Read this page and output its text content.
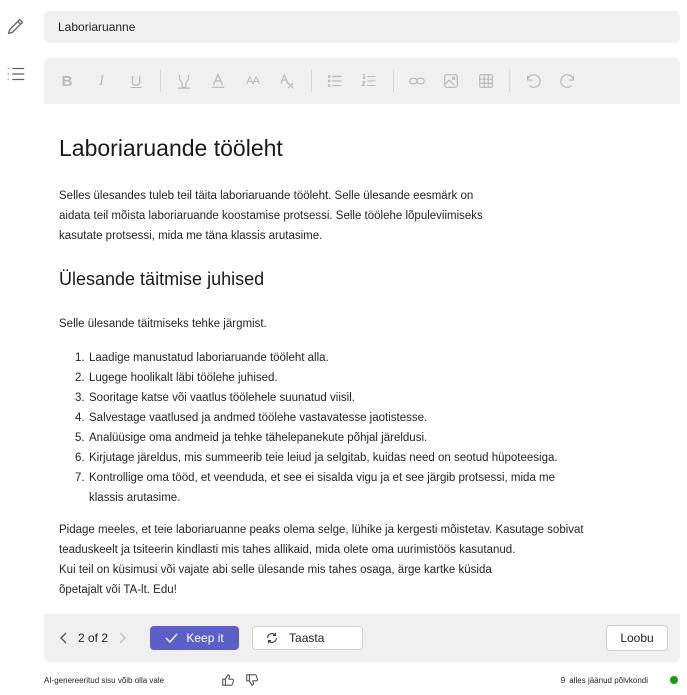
Laboriaruanne
B	I	U	AA
Laboriaruande tööleht

Selles ülesandes tuleb teil täita laboriaruande tööleht. Selle ülesande eesmärk on

aidata teil mõista laboriaruande koostamise protsessi. Selle töölehe lõpuleviimiseks

kasutate protsessi, mida me täna klassis arutasime.

Ülesande täitmise juhised

Selle ülesande täitmiseks tehke järgmist.

1. Laadige manustatud laboriaruande tööleht alla.
2. Lugege hoolikalt läbi töölehe juhised.
3. Sooritage katse või vaatlus töölehele suunatud viisil.
4. Salvestage vaatlused ja andmed töölehe vastavatesse jaotistesse.
5. Analüüsige oma andmeid ja tehke tähelepanekute põhjal järeldusi.
6. Kirjutage järeldus, mis summeerib teie leiud ja selgitab, kuidas need on seotud hüpoteesiga.
7. Kontrollige oma tööd, et veenduda, et see ei sisalda vigu ja et see järgib protsessi, mida me klassis arutasime.

Pidage meeles, et teie laboriaruanne peaks olema selge, lühike ja kergesti mõistetav. Kasutage sobivat

teaduskeelt ja tsiteerin kindlasti mis tahes allikaid, mida olete oma uurimistöös kasutanud.

Kui teil on küsimusi või vajate abi selle ülesande mis tahes osaga, ärge kartke küsida

õpetajalt või TA-lt. Edu!

2 of 2	Keep it	Taasta	Loobu
AI-genereeritud sisu võib olla vale	9 alles jäänud põlvkondi
